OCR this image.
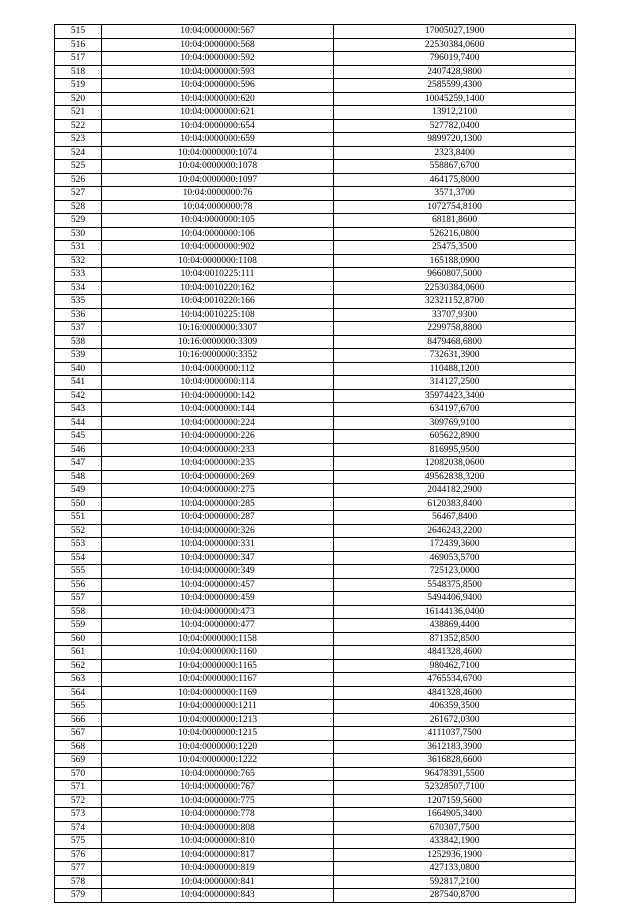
515	10:04:0000000:567	17005027,1900
516	10:04:0000000:568	22530384,0600
517	10:04:0000000:592	796019,7400
518	10:04:0000000:593	2407428,9800
519	10:04:0000000:596	2585599,4300
520	10:04:0000000:620	10045259,1400
521	10:04:0000000:621	13912,2100
522	10:04:0000000:654	527782,0400
523	10:04:0000000:659	9899720,1300
524	10:04:0000000:1074	2323,8400
525	10:04:0000000:1078	558867,6700
526	10:04:0000000:1097	464175,8000
527	10:04:0000000:76	3571,3700
528	10:04:0000000:78	1072754,8100
529	10:04:0000000:105	68181,8600
530	10:04:0000000:106	526216,0800
531	10:04:0000000:902	25475,3500
532	10:04:0000000:1108	165188,0900
533	10:04:0010225:111	9660807,5000
534	10:04:0010220:162	22530384,0600
535	10:04:0010220:166	32321152,8700
536	10:04:0010225:108	33707,9300
537	10:16:0000000:3307	2299758,8800
538	10:16:0000000:3309	8479468,6800
539	10:16:0000000:3352	732631,3900
540	10:04:0000000:112	110488,1200
541	10:04:0000000:114	314127,2500
542	10:04:0000000:142	35974423,3400
543	10:04:0000000:144	634197,6700
544	10:04:0000000:224	309769,9100
545	10:04:0000000:226	605622,8900
546	10:04:0000000:233	816995,9500
547	10:04:0000000:235	12082038,0600
548	10:04:0000000:269	49562838,3200
549	10:04:0000000:275	2044182,2900
550	10:04:0000000:285	6120383,8400
551	10:04:0000000:287	56467,8400
552	10:04:0000000:326	2646243,2200
553	10:04:0000000:331	172439,3600
554	10:04:0000000:347	469053,5700
555	10:04:0000000:349	725123,0000
556	10:04:0000000:457	5548375,8500
557	10:04:0000000:459	5494406,9400
558	10:04:0000000:473	16144136,0400
559	10:04:0000000:477	438869,4400
560	10:04:0000000:1158	871352,8500
561	10:04:0000000:1160	4841328,4600
562	10:04:0000000:1165	980462,7100
563	10:04:0000000:1167	4765534,6700
564	10:04:0000000:1169	4841328,4600
565	10:04:0000000:1211	406359,3500
566	10:04:0000000:1213	261672,0300
567	10:04:0000000:1215	4111037,7500
568	10:04:0000000:1220	3612183,3900
569	10:04:0000000:1222	3616828,6600
570	10:04:0000000:765	96478391,5500
571	10:04:0000000:767	52328507,7100
572	10:04:0000000:775	1207159,5600
573	10:04:0000000:778	1664905,3400
574	10:04:0000000:808	670307,7500
575	10:04:0000000:810	433842,1900
576	10:04:0000000:817	1252936,1900
577	10:04:0000000:819	427133,0800
578	10:04:0000000:841	592817,2100
579	10:04:0000000:843	287540,8700
